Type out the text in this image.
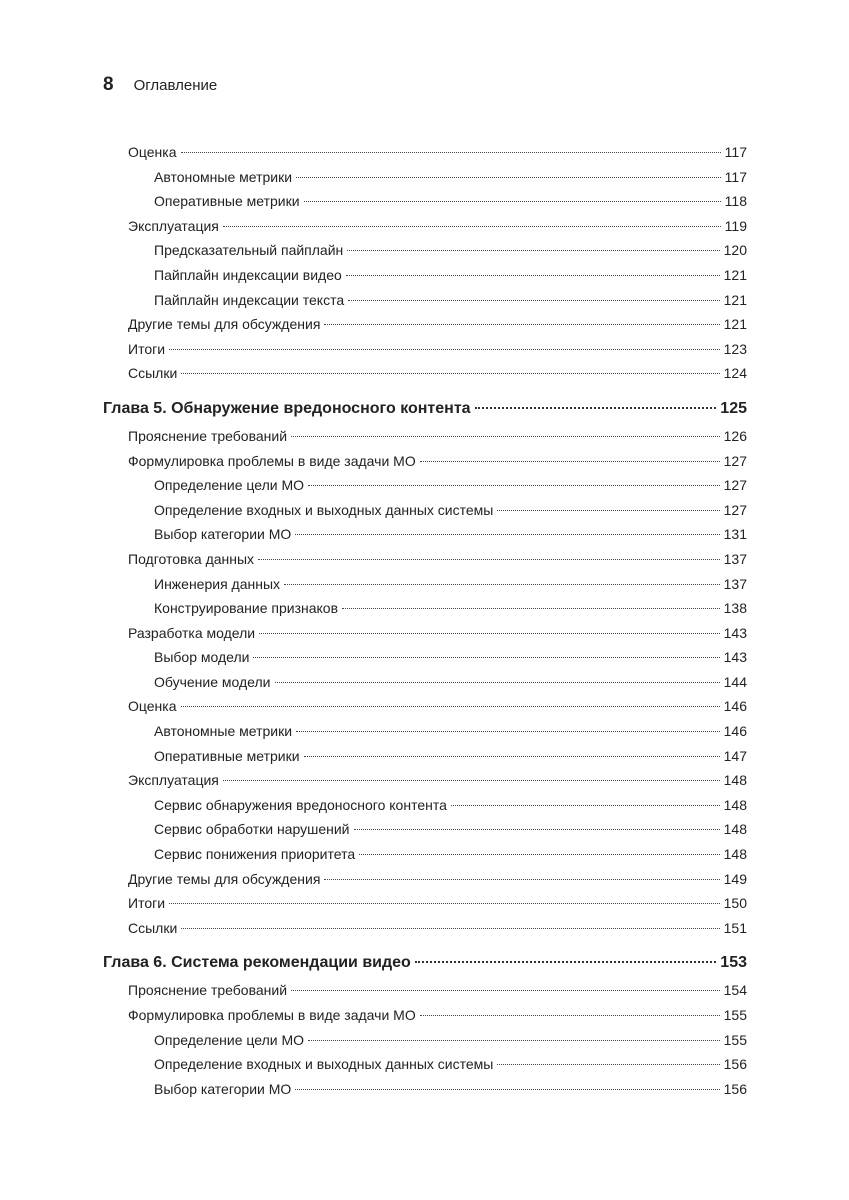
8 Оглавление
Оценка	117
Автономные метрики	117
Оперативные метрики	118
Эксплуатация	119
Предсказательный пайплайн	120
Пайплайн индексации видео	121
Пайплайн индексации текста	121
Другие темы для обсуждения	121
Итоги	123
Ссылки	124
Глава 5. Обнаружение вредоносного контента	125
Прояснение требований	126
Формулировка проблемы в виде задачи МО	127
Определение цели МО	127
Определение входных и выходных данных системы	127
Выбор категории МО	131
Подготовка данных	137
Инженерия данных	137
Конструирование признаков	138
Разработка модели	143
Выбор модели	143
Обучение модели	144
Оценка	146
Автономные метрики	146
Оперативные метрики	147
Эксплуатация	148
Сервис обнаружения вредоносного контента	148
Сервис обработки нарушений	148
Сервис понижения приоритета	148
Другие темы для обсуждения	149
Итоги	150
Ссылки	151
Глава 6. Система рекомендации видео	153
Прояснение требований	154
Формулировка проблемы в виде задачи МО	155
Определение цели МО	155
Определение входных и выходных данных системы	156
Выбор категории МО	156
